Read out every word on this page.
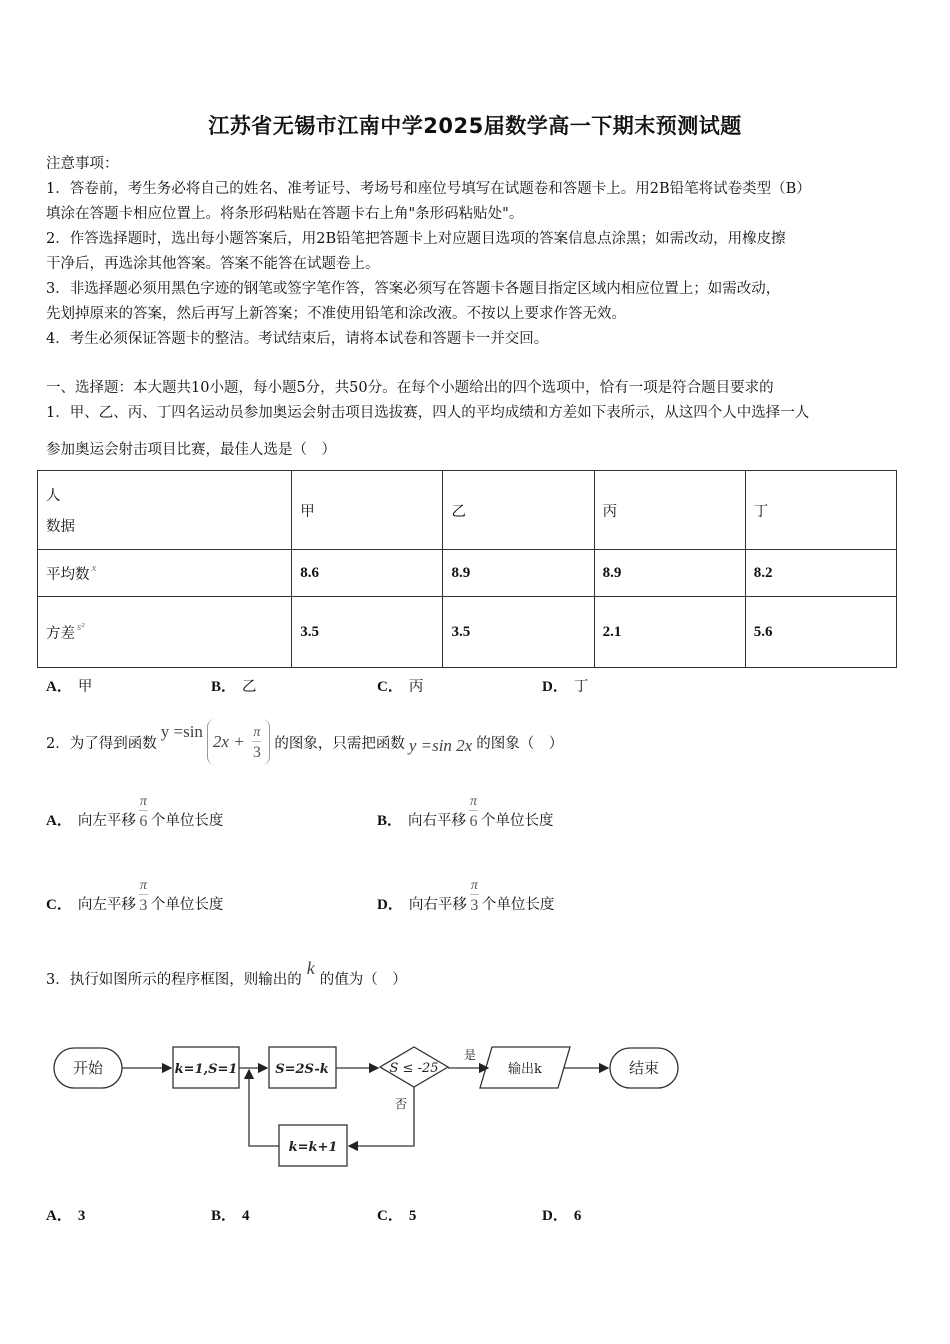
江苏省无锡市江南中学2025届数学高一下期末预测试题
注意事项：
1．答卷前，考生务必将自己的姓名、准考证号、考场号和座位号填写在试题卷和答题卡上。用2B铅笔将试卷类型（B）
填涂在答题卡相应位置上。将条形码粘贴在答题卡右上角"条形码粘贴处"。
2．作答选择题时，选出每小题答案后，用2B铅笔把答题卡上对应题目选项的答案信息点涂黑；如需改动，用橡皮擦
干净后，再选涂其他答案。答案不能答在试题卷上。
3．非选择题必须用黑色字迹的钢笔或签字笔作答，答案必须写在答题卡各题目指定区域内相应位置上；如需改动，
先划掉原来的答案，然后再写上新答案；不准使用铅笔和涂改液。不按以上要求作答无效。
4．考生必须保证答题卡的整洁。考试结束后，请将本试卷和答题卡一并交回。
一、选择题：本大题共10小题，每小题5分，共50分。在每个小题给出的四个选项中，恰有一项是符合题目要求的
1．甲、乙、丙、丁四名运动员参加奥运会射击项目选拔赛，四人的平均成绩和方差如下表所示，从这四个人中选择一人
参加奥运会射击项目比赛，最佳人选是（　）
人
数据	甲	乙	丙	丁
平均数 $^x$	8.6	8.9	8.9	8.2
方差 $^{s^2}$	3.5	3.5	2.1	5.6
A． 甲	B． 乙	C． 丙	D． 丁
2．为了得到函数
y =sin
$2x + \frac{\pi}{3}$ 的图象，只需把函数 y =sin 2x 的图象（　）
A． 向左平移 $\frac{\pi}{6}$ 个单位长度	B． 向右平移 $\frac{\pi}{6}$ 个单位长度
C． 向左平移 $\frac{\pi}{3}$ 个单位长度	D． 向右平移 $\frac{\pi}{3}$ 个单位长度
3．执行如图所示的程序框图，则输出的
k
的值为（　）
开始	k=1,S=1	S=2S-k	S ≤ -25
是
否
输出k	结束
k=k+1
A． 3	B． 4	C． 5	D． 6
